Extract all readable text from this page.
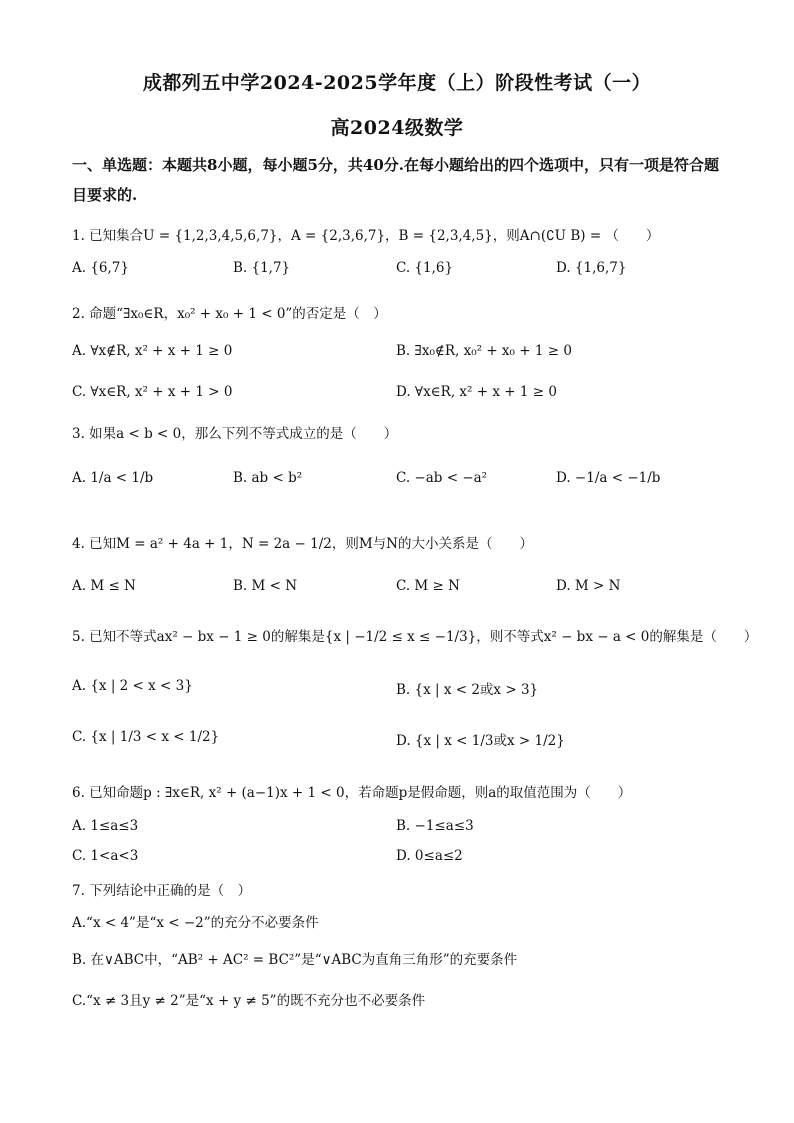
成都列五中学2024-2025学年度（上）阶段性考试（一）
高2024级数学
一、单选题：本题共8小题，每小题5分，共40分.在每小题给出的四个选项中，只有一项是符合题目要求的.
1. 已知集合U = {1,2,3,4,5,6,7}，A = {2,3,6,7}，B = {2,3,4,5}，则A∩(∁U B) = （　　）
A. {6,7}	B. {1,7}	C. {1,6}	D. {1,6,7}
2. 命题“∃x₀∈R，x₀² + x₀ + 1 < 0”的否定是（　）
A. ∀x∉R, x² + x + 1 ≥ 0	B. ∃x₀∉R, x₀² + x₀ + 1 ≥ 0
C. ∀x∈R, x² + x + 1 > 0	D. ∀x∈R, x² + x + 1 ≥ 0
3. 如果a < b < 0，那么下列不等式成立的是（　　）
A. 1/a < 1/b	B. ab < b²	C. −ab < −a²	D. −1/a < −1/b
4. 已知M = a² + 4a + 1，N = 2a − 1/2，则M与N的大小关系是（　　）
A. M ≤ N	B. M < N	C. M ≥ N	D. M > N
5. 已知不等式ax² − bx − 1 ≥ 0的解集是{x | −1/2 ≤ x ≤ −1/3}，则不等式x² − bx − a < 0的解集是（　　）
A. {x | 2 < x < 3}	B. {x | x < 2或x > 3}
C. {x | 1/3 < x < 1/2}	D. {x | x < 1/3或x > 1/2}
6. 已知命题p : ∃x∈R, x² + (a−1)x + 1 < 0，若命题p是假命题，则a的取值范围为（　　）
A. 1≤a≤3	B. −1≤a≤3
C. 1<a<3	D. 0≤a≤2
7. 下列结论中正确的是（　）
A.“x < 4”是“x < −2”的充分不必要条件
B. 在∨ABC中，“AB² + AC² = BC²”是“∨ABC为直角三角形”的充要条件
C.“x ≠ 3且y ≠ 2”是“x + y ≠ 5”的既不充分也不必要条件
